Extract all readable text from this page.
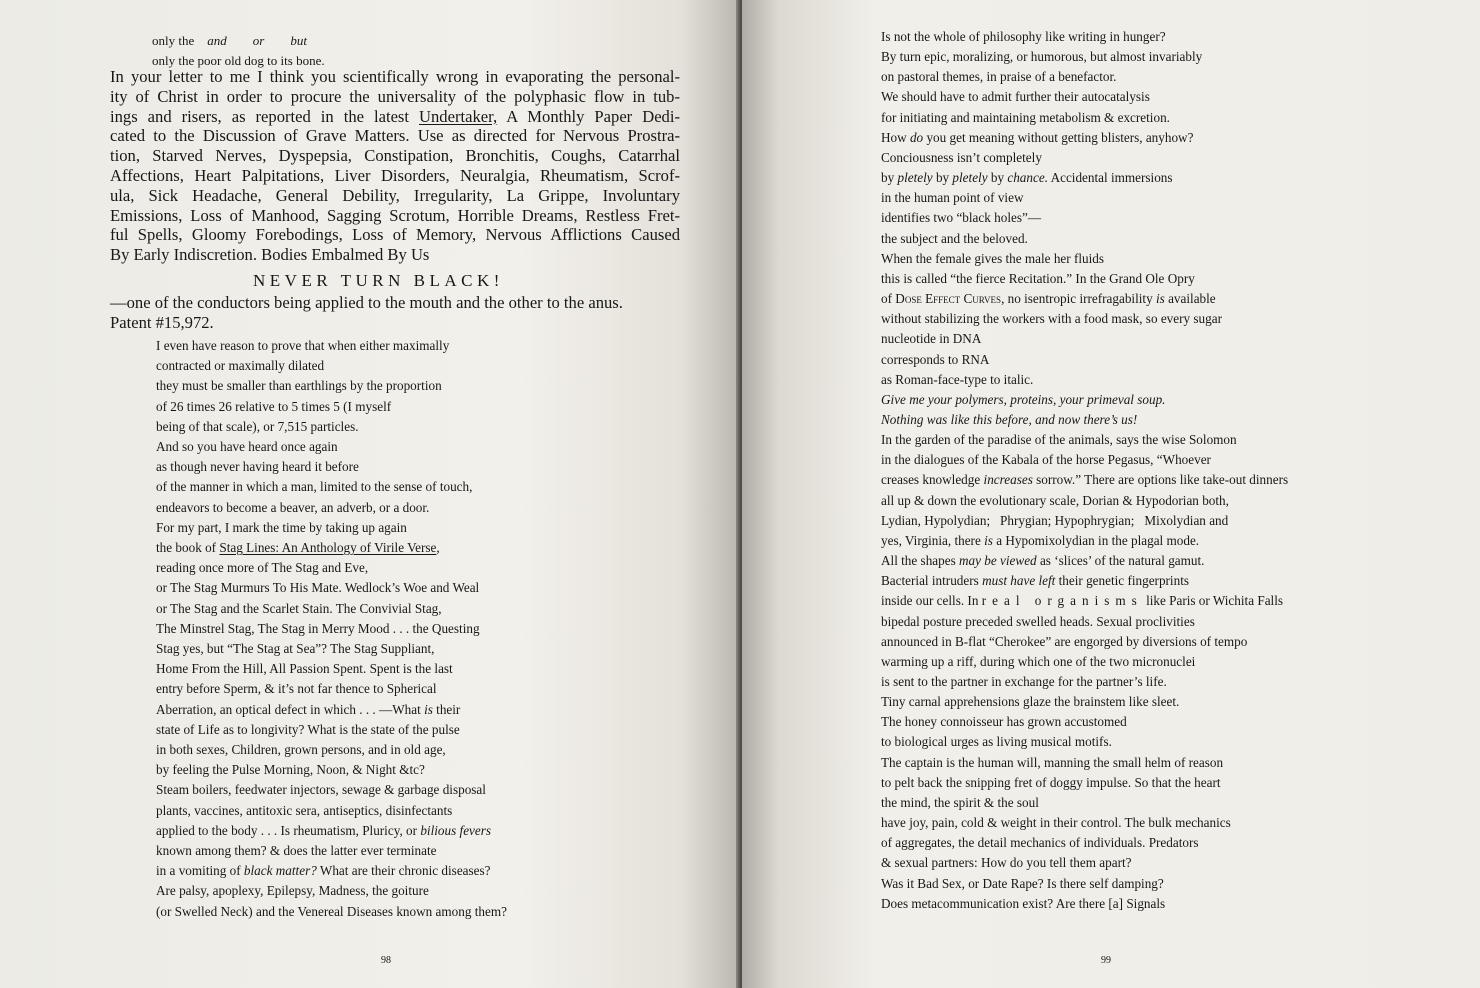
only the and or but

only the poor old dog to its bone.

In your letter to me I think you scientifically wrong in evaporating the personal-

ity of Christ in order to procure the universality of the polyphasic flow in tub-

ings and risers, as reported in the latest Undertaker, A Monthly Paper Dedi-

cated to the Discussion of Grave Matters. Use as directed for Nervous Prostra-

tion, Starved Nerves, Dyspepsia, Constipation, Bronchitis, Coughs, Catarrhal

Affections, Heart Palpitations, Liver Disorders, Neuralgia, Rheumatism, Scrof-

ula, Sick Headache, General Debility, Irregularity, La Grippe, Involuntary

Emissions, Loss of Manhood, Sagging Scrotum, Horrible Dreams, Restless Fret-

ful Spells, Gloomy Forebodings, Loss of Memory, Nervous Afflictions Caused

By Early Indiscretion. Bodies Embalmed By Us

NEVER TURN BLACK!

—one of the conductors being applied to the mouth and the other to the anus.

Patent #15,972.

I even have reason to prove that when either maximally

contracted or maximally dilated

they must be smaller than earthlings by the proportion

of 26 times 26 relative to 5 times 5 (I myself

being of that scale), or 7,515 particles.

And so you have heard once again

as though never having heard it before

of the manner in which a man, limited to the sense of touch,

endeavors to become a beaver, an adverb, or a door.

For my part, I mark the time by taking up again

the book of Stag Lines: An Anthology of Virile Verse,

reading once more of The Stag and Eve,

or The Stag Murmurs To His Mate. Wedlock’s Woe and Weal

or The Stag and the Scarlet Stain. The Convivial Stag,

The Minstrel Stag, The Stag in Merry Mood . . . the Questing

Stag yes, but “The Stag at Sea”? The Stag Suppliant,

Home From the Hill, All Passion Spent. Spent is the last

entry before Sperm, & it’s not far thence to Spherical

Aberration, an optical defect in which . . . —What is their

state of Life as to longivity? What is the state of the pulse

in both sexes, Children, grown persons, and in old age,

by feeling the Pulse Morning, Noon, & Night &tc?

Steam boilers, feedwater injectors, sewage & garbage disposal

plants, vaccines, antitoxic sera, antiseptics, disinfectants

applied to the body . . . Is rheumatism, Pluricy, or bilious fevers

known among them? & does the latter ever terminate

in a vomiting of black matter? What are their chronic diseases?

Are palsy, apoplexy, Epilepsy, Madness, the goiture

(or Swelled Neck) and the Venereal Diseases known among them?

98

Is not the whole of philosophy like writing in hunger?

By turn epic, moralizing, or humorous, but almost invariably

on pastoral themes, in praise of a benefactor.

We should have to admit further their autocatalysis

for initiating and maintaining metabolism & excretion.

How do you get meaning without getting blisters, anyhow?

Conciousness isn’t completely

by pletely by pletely by chance. Accidental immersions

in the human point of view

identifies two “black holes”—

the subject and the beloved.

When the female gives the male her fluids

this is called “the fierce Recitation.” In the Grand Ole Opry

of Dose Effect Curves, no isentropic irrefragability is available

without stabilizing the workers with a food mask, so every sugar

nucleotide in DNA

corresponds to RNA

as Roman-face-type to italic.

Give me your polymers, proteins, your primeval soup.

Nothing was like this before, and now there’s us!

In the garden of the paradise of the animals, says the wise Solomon

in the dialogues of the Kabala of the horse Pegasus, “Whoever

creases knowledge increases sorrow.” There are options like take-out dinners

all up & down the evolutionary scale, Dorian & Hypodorian both,

Lydian, Hypolydian;   Phrygian; Hypophrygian;   Mixolydian and

yes, Virginia, there is a Hypomixolydian in the plagal mode.

All the shapes may be viewed as ‘slices’ of the natural gamut.

Bacterial intruders must have left their genetic fingerprints

inside our cells. In real organisms like Paris or Wichita Falls

bipedal posture preceded swelled heads. Sexual proclivities

announced in B-flat “Cherokee” are engorged by diversions of tempo

warming up a riff, during which one of the two micronuclei

is sent to the partner in exchange for the partner’s life.

Tiny carnal apprehensions glaze the brainstem like sleet.

The honey connoisseur has grown accustomed

to biological urges as living musical motifs.

The captain is the human will, manning the small helm of reason

to pelt back the snipping fret of doggy impulse. So that the heart

the mind, the spirit & the soul

have joy, pain, cold & weight in their control. The bulk mechanics

of aggregates, the detail mechanics of individuals. Predators

& sexual partners: How do you tell them apart?

Was it Bad Sex, or Date Rape? Is there self damping?

Does metacommunication exist? Are there [a] Signals

99
